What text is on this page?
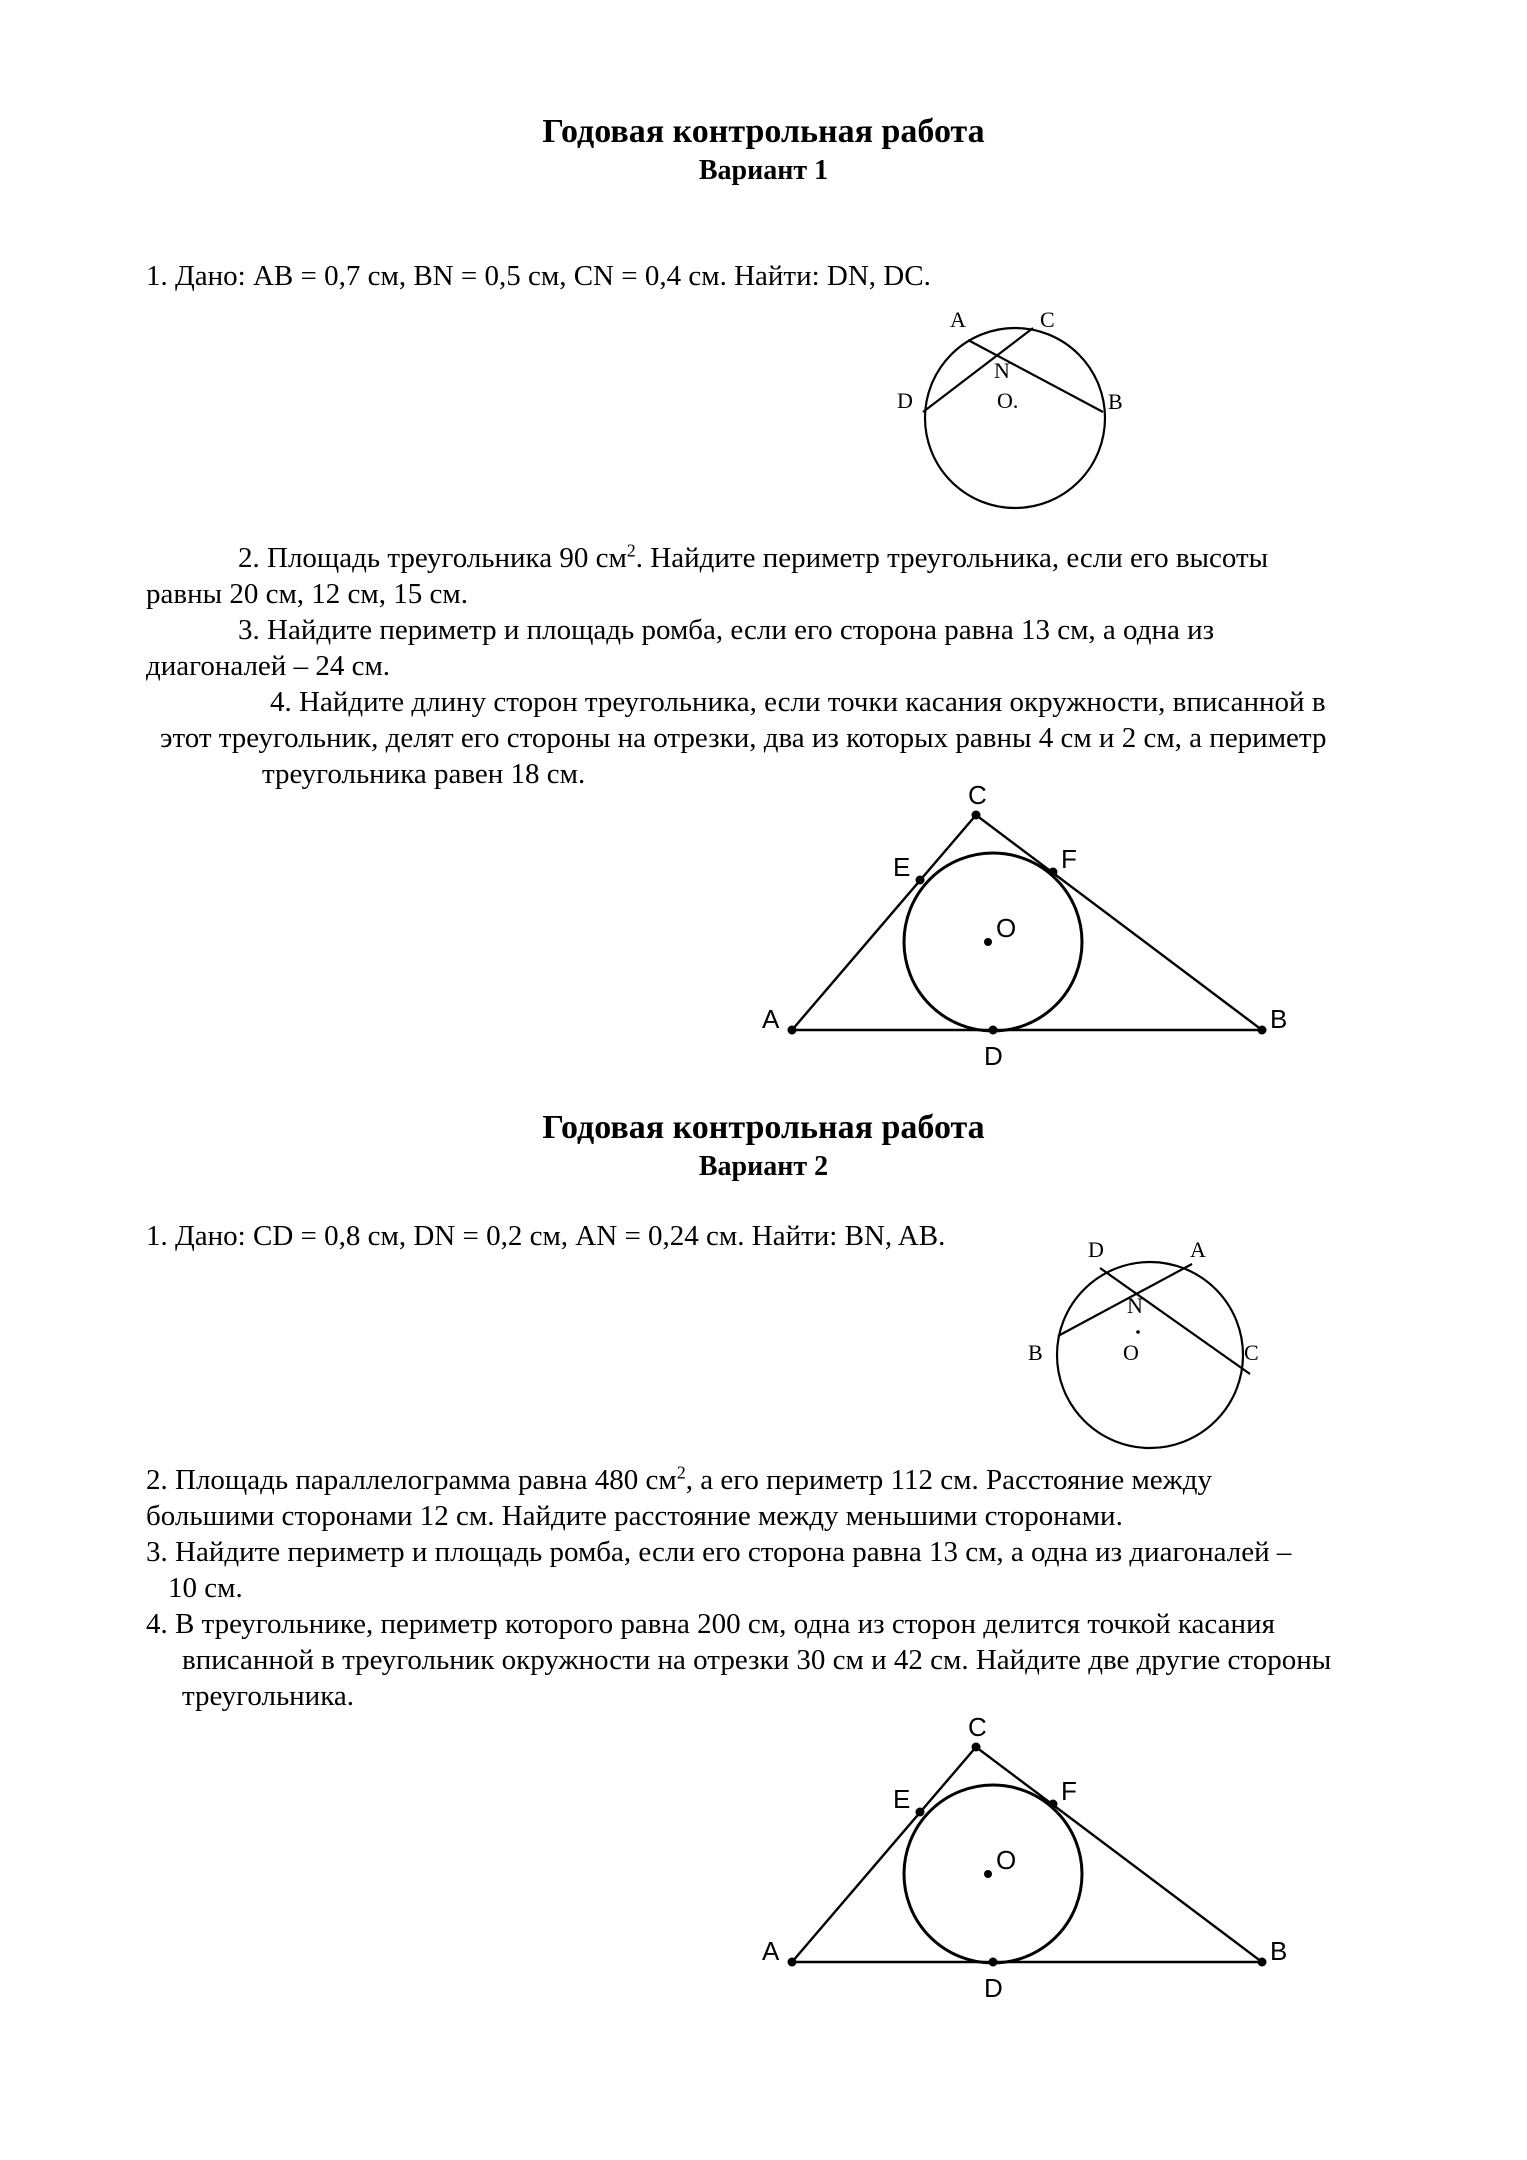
Годовая контрольная работа
Вариант 1

1. Дано: AB = 0,7 см, BN = 0,5 см, CN = 0,4 см. Найти: DN, DC.

A	C
N
D	O.	B

2. Площадь треугольника 90 $см^2$. Найдите периметр треугольника, если его высоты

равны 20 см, 12 см, 15 см.

3. Найдите периметр и площадь ромба, если его сторона равна 13 см, а одна из

диагоналей – 24 см.

4. Найдите длину сторон треугольника, если точки касания окружности, вписанной в

этот треугольник, делят его стороны на отрезки, два из которых равны 4 см и 2 см, а периметр

треугольника равен 18 см.

C
E	F
O
A	B
D
Годовая контрольная работа
Вариант 2

1. Дано: CD = 0,8 см, DN = 0,2 см, AN = 0,24 см. Найти: BN, AB.	D	A
N
B	O	C

2. Площадь параллелограмма равна 480 $см^2$, а его периметр 112 см. Расстояние между

большими сторонами 12 см. Найдите расстояние между меньшими сторонами.

3. Найдите периметр и площадь ромба, если его сторона равна 13 см, а одна из диагоналей –

10 см.

4. В треугольнике, периметр которого равна 200 см, одна из сторон делится точкой касания

вписанной в треугольник окружности на отрезки 30 см и 42 см. Найдите две другие стороны

треугольника.

C
E	F
O
A	B
D
